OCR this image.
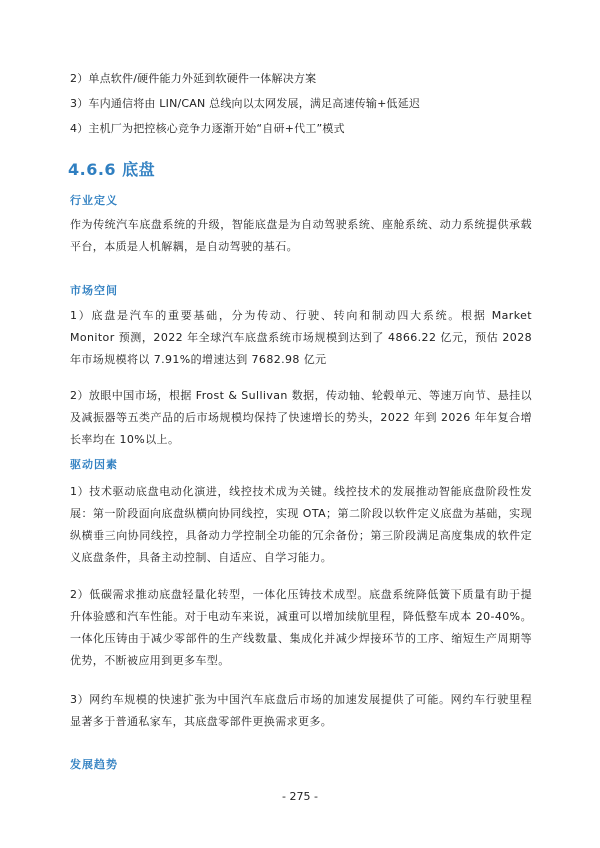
2）单点软件/硬件能力外延到软硬件一体解决方案
3）车内通信将由 LIN/CAN 总线向以太网发展，满足高速传输+低延迟
4）主机厂为把控核心竞争力逐渐开始“自研+代工”模式
4.6.6 底盘
行业定义

作为传统汽车底盘系统的升级，智能底盘是为自动驾驶系统、座舱系统、动力系统提供承载平台，本质是人机解耦，是自动驾驶的基石。

市场空间

1）底盘是汽车的重要基础，分为传动、行驶、转向和制动四大系统。根据 Market Monitor 预测，2022 年全球汽车底盘系统市场规模到达到了 4866.22 亿元，预估 2028 年市场规模将以 7.91%的增速达到 7682.98 亿元

2）放眼中国市场，根据 Frost & Sullivan 数据，传动轴、轮毂单元、等速万向节、悬挂以及减振器等五类产品的后市场规模均保持了快速增长的势头，2022 年到 2026 年年复合增长率均在 10%以上。

驱动因素

1）技术驱动底盘电动化演进，线控技术成为关键。线控技术的发展推动智能底盘阶段性发展：第一阶段面向底盘纵横向协同线控，实现 OTA；第二阶段以软件定义底盘为基础，实现纵横垂三向协同线控，具备动力学控制全功能的冗余备份；第三阶段满足高度集成的软件定义底盘条件，具备主动控制、自适应、自学习能力。

2）低碳需求推动底盘轻量化转型，一体化压铸技术成型。底盘系统降低簧下质量有助于提升体验感和汽车性能。对于电动车来说，减重可以增加续航里程，降低整车成本 20-40%。一体化压铸由于减少零部件的生产线数量、集成化并减少焊接环节的工序、缩短生产周期等优势，不断被应用到更多车型。

3）网约车规模的快速扩张为中国汽车底盘后市场的加速发展提供了可能。网约车行驶里程显著多于普通私家车，其底盘零部件更换需求更多。

发展趋势
- 275 -
